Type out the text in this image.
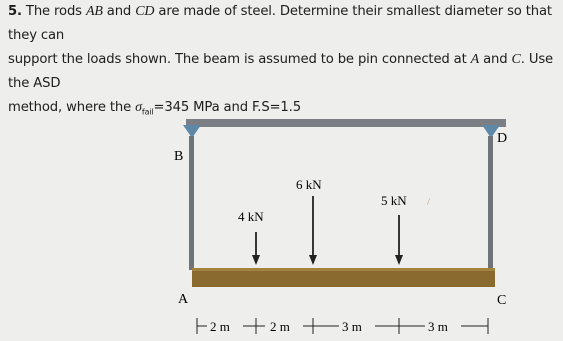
5. The rods AB and CD are made of steel. Determine their smallest diameter so that they can
support the loads shown. The beam is assumed to be pin connected at A and C. Use the ASD
method, where the $\sigma_{fail}=345$ MPa and F.S=1.5
B
D
A	C
4 kN
6 kN
5 kN /
2 m	2 m	3 m	3 m
